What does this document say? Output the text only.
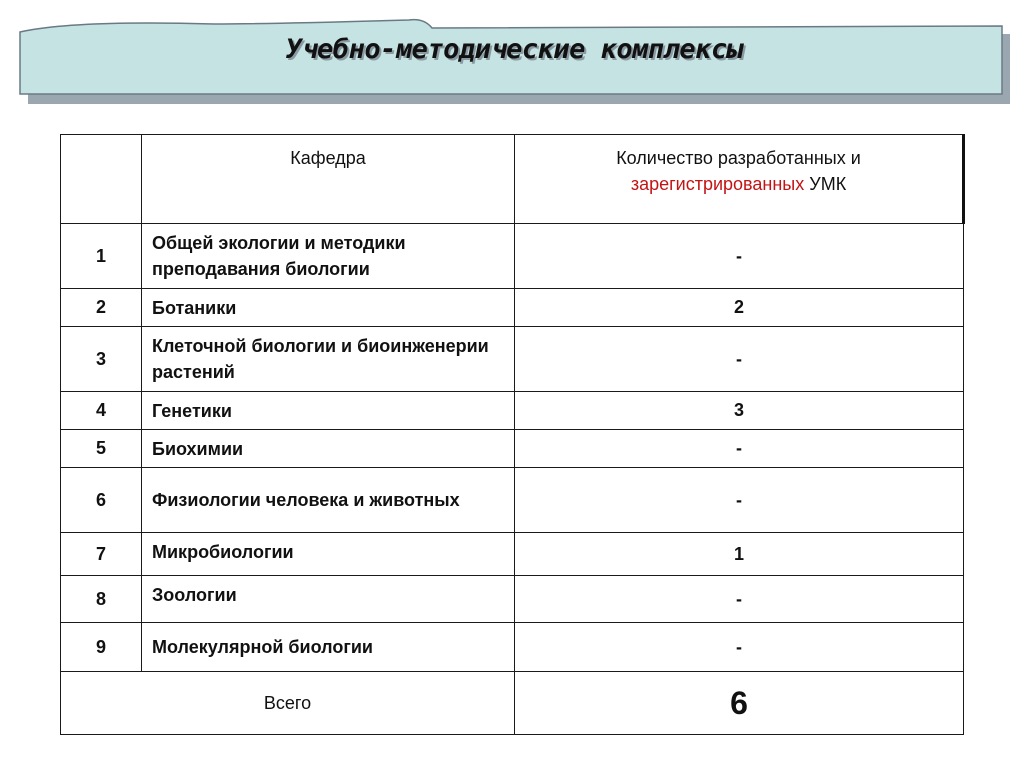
Учебно-методические комплексы
	Кафедра	Количество разработанных и
зарегистрированных УМК
1	Общей экологии и методики преподавания биологии	-
2	Ботаники	2
3	Клеточной биологии и биоинженерии растений	-
4	Генетики	3
5	Биохимии	-
6	Физиологии человека и животных	-
7	Микробиологии	1
8	Зоологии	-
9	Молекулярной биологии	-
Всего		6
